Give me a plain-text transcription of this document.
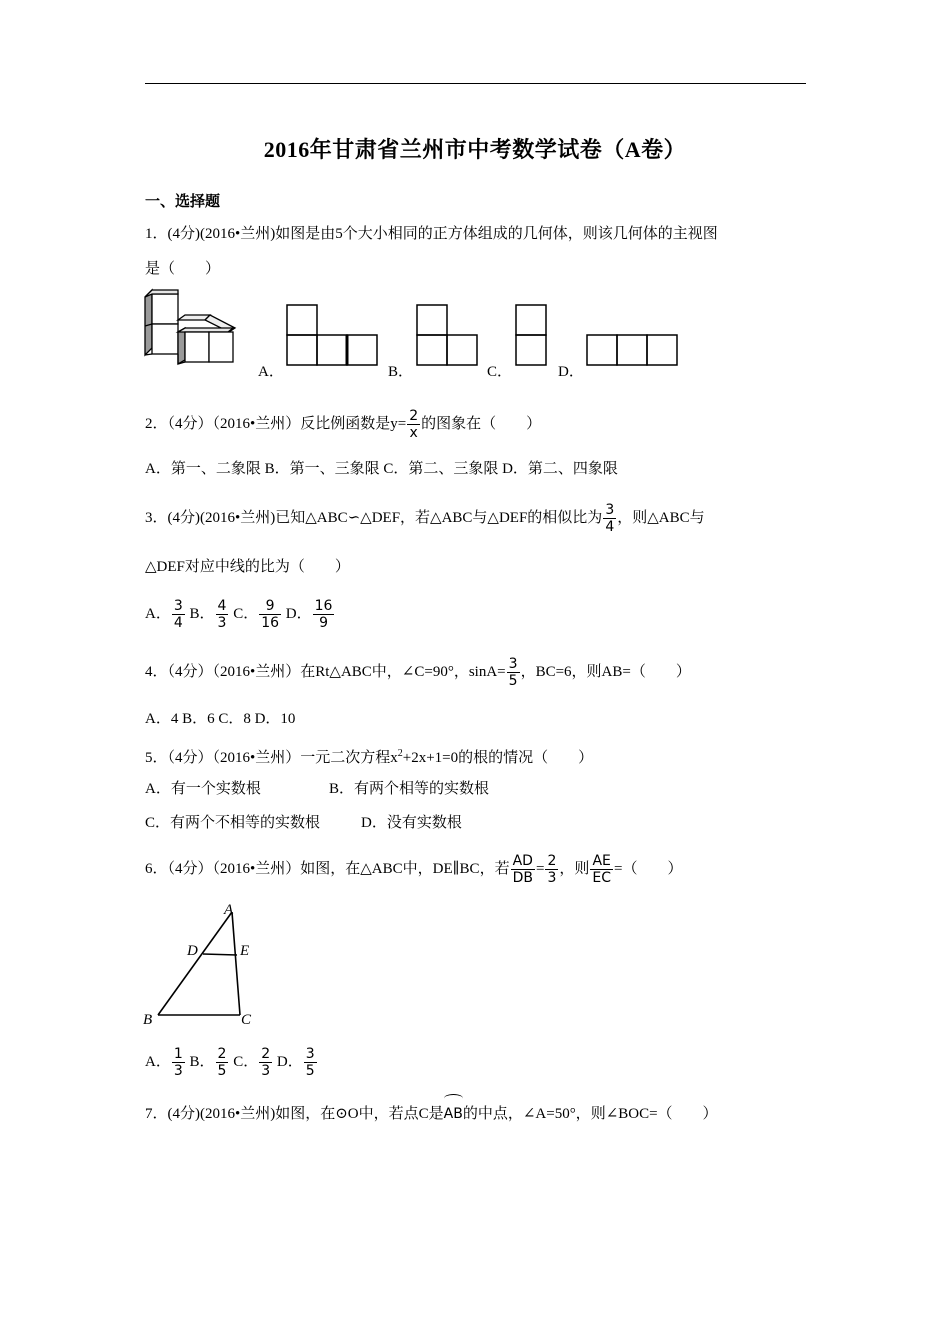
2016年甘肃省兰州市中考数学试卷（A卷）
一、选择题
1．(4分)(2016•兰州)如图是由5个大小相同的正方体组成的几何体，则该几何体的主视图
是（　　）
A．	B．	C．	D．
2．（4分）（2016•兰州）反比例函数是$y= \frac{2}{x}$ 的图象在（　　）
A．第一、二象限 B．第一、三象限 C．第二、三象限 D．第二、四象限
3．(4分)(2016•兰州)已知△ABC∽△DEF，若△ABC与△DEF的相似比为 $\frac{3}{4}$ ，则△ABC与
△DEF对应中线的比为（　　）
A． $\frac{3}{4}$ B． $\frac{4}{3}$ C． $\frac{9}{16}$ D． $\frac{16}{9}$
4．（4分）（2016•兰州）在Rt△ABC中，∠C=90°，$\sin A= \frac{3}{5}$ ，BC=6，则AB=（　　）
A．4 B．6 C．8 D．10
5．（4分）（2016•兰州）一元二次方程$x^2+2x+1=0$的根的情况（　　）
A．有一个实数根	B．有两个相等的实数根
C．有两个不相等的实数根	D．没有实数根
6．（4分）（2016•兰州）如图，在△ABC中，DE∥BC，若 $\frac{AD}{DB} = \frac{2}{3}$ ，则 $\frac{AE}{EC}$ =（　　）
A
D	E
B	C
A． $\frac{1}{3}$ B． $\frac{2}{5}$ C． $\frac{2}{3}$ D． $\frac{3}{5}$
7．(4分)(2016•兰州)如图，在⊙O中，若点C是
AB的中点，∠A=50°，则∠BOC=（　　）
